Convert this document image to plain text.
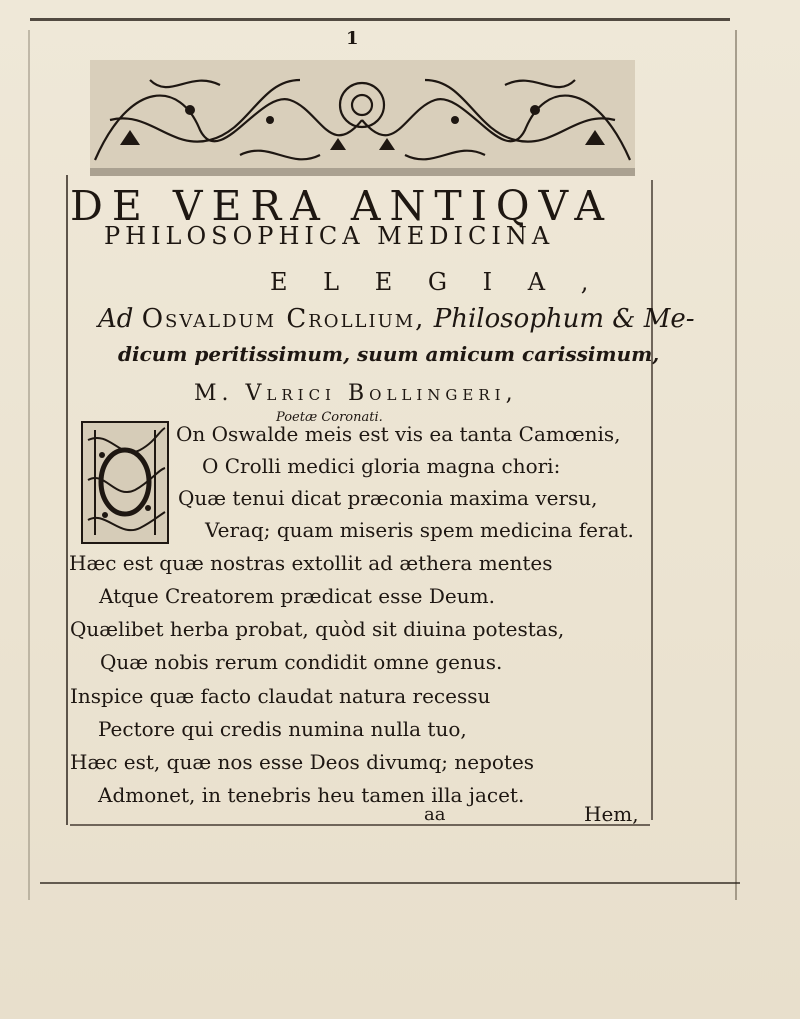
1
DE VERA ANTIQVA
PHILOSOPHICA MEDICINA
E L E G I A ,
Ad Osvaldum Crollium, Philosophum & Me-
dicum peritissimum, suum amicum carissimum,
M. Vlrici Bollingeri,
Poetæ Coronati.
On Oswalde meis est vis ea tanta Camœnis,
O Crolli medici gloria magna chori:
Quæ tenui dicat præconia maxima versu,
Veraq; quam miseris spem medicina ferat.
Hæc est quæ nostras extollit ad æthera mentes
Atque Creatorem prædicat esse Deum.
Quælibet herba probat, quòd sit diuina potestas,
Quæ nobis rerum condidit omne genus.
Inspice quæ facto claudat natura recessu
Pectore qui credis numina nulla tuo,
Hæc est, quæ nos esse Deos divumq; nepotes
Admonet, in tenebris heu tamen illa jacet.
aa	Hem,
